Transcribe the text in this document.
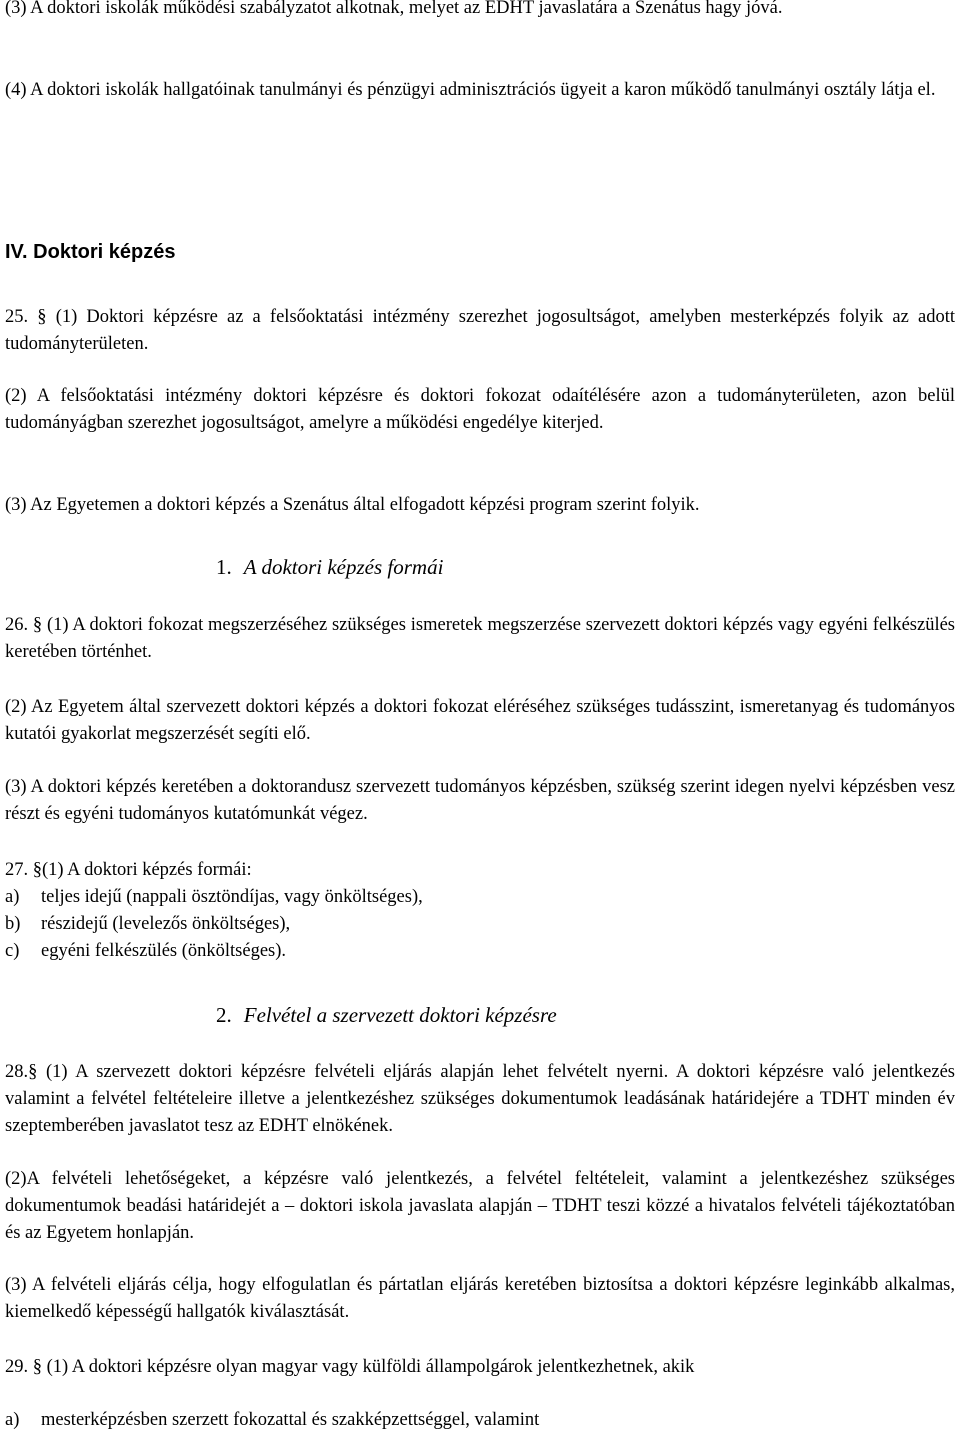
(3) A doktori iskolák működési szabályzatot alkotnak, melyet az EDHT javaslatára a Szenátus hagy jóvá.
(4) A doktori iskolák hallgatóinak tanulmányi és pénzügyi adminisztrációs ügyeit a karon működő tanulmányi osztály látja el.
IV. Doktori képzés
25. § (1) Doktori képzésre az a felsőoktatási intézmény szerezhet jogosultságot, amelyben mesterképzés folyik az adott tudományterületen.
(2) A felsőoktatási intézmény doktori képzésre és doktori fokozat odaítélésére azon a tudományterületen, azon belül tudományágban szerezhet jogosultságot, amelyre a működési engedélye kiterjed.
(3) Az Egyetemen a doktori képzés a Szenátus által elfogadott képzési program szerint folyik.
1. A doktori képzés formái
26. § (1) A doktori fokozat megszerzéséhez szükséges ismeretek megszerzése szervezett doktori képzés vagy egyéni felkészülés keretében történhet.
(2) Az Egyetem által szervezett doktori képzés a doktori fokozat eléréséhez szükséges tudásszint, ismeretanyag és tudományos kutatói gyakorlat megszerzését segíti elő.
(3) A doktori képzés keretében a doktorandusz szervezett tudományos képzésben, szükség szerint idegen nyelvi képzésben vesz részt és egyéni tudományos kutatómunkát végez.
27. §(1) A doktori képzés formái:
a) teljes idejű (nappali ösztöndíjas, vagy önköltséges),
b) részidejű (levelezős önköltséges),
c) egyéni felkészülés (önköltséges).
2. Felvétel a szervezett doktori képzésre
28.§ (1) A szervezett doktori képzésre felvételi eljárás alapján lehet felvételt nyerni. A doktori képzésre való jelentkezés valamint a felvétel feltételeire illetve a jelentkezéshez szükséges dokumentumok leadásának határidejére a TDHT minden év szeptemberében javaslatot tesz az EDHT elnökének.
(2)A felvételi lehetőségeket, a képzésre való jelentkezés, a felvétel feltételeit, valamint a jelentkezéshez szükséges dokumentumok beadási határidejét a – doktori iskola javaslata alapján – TDHT teszi közzé a hivatalos felvételi tájékoztatóban és az Egyetem honlapján.
(3) A felvételi eljárás célja, hogy elfogulatlan és pártatlan eljárás keretében biztosítsa a doktori képzésre leginkább alkalmas, kiemelkedő képességű hallgatók kiválasztását.
29. § (1) A doktori képzésre olyan magyar vagy külföldi állampolgárok jelentkezhetnek, akik
a) mesterképzésben szerzett fokozattal és szakképzettséggel, valamint
